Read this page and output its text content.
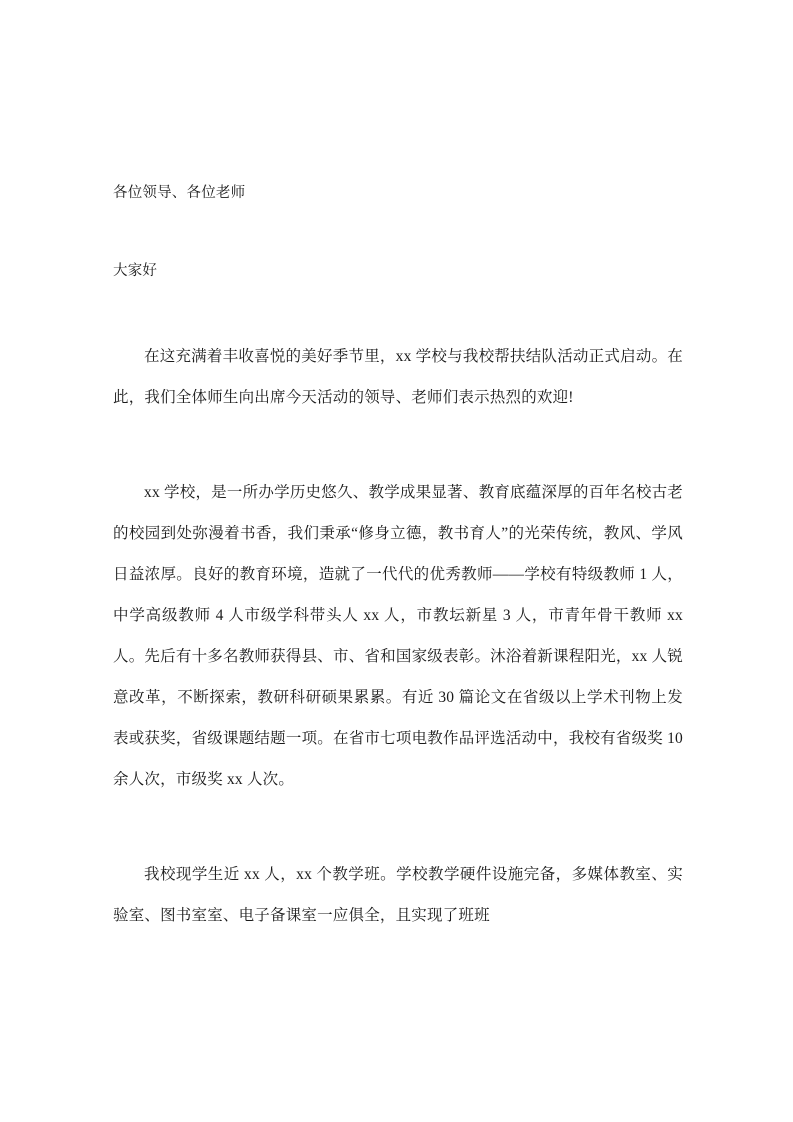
各位领导、各位老师

大家好

在这充满着丰收喜悦的美好季节里，xx 学校与我校帮扶结队活动正式启动。在此，我们全体师生向出席今天活动的领导、老师们表示热烈的欢迎!

xx 学校，是一所办学历史悠久、教学成果显著、教育底蕴深厚的百年名校古老的校园到处弥漫着书香，我们秉承“修身立德，教书育人”的光荣传统，教风、学风日益浓厚。良好的教育环境，造就了一代代的优秀教师——学校有特级教师 1 人，中学高级教师 4 人市级学科带头人 xx 人，市教坛新星 3 人，市青年骨干教师 xx 人。先后有十多名教师获得县、市、省和国家级表彰。沐浴着新课程阳光，xx 人锐意改革，不断探索，教研科研硕果累累。有近 30 篇论文在省级以上学术刊物上发表或获奖，省级课题结题一项。在省市七项电教作品评选活动中，我校有省级奖 10 余人次，市级奖 xx 人次。

我校现学生近 xx 人，xx 个教学班。学校教学硬件设施完备，多媒体教室、实验室、图书室室、电子备课室一应俱全，且实现了班班
